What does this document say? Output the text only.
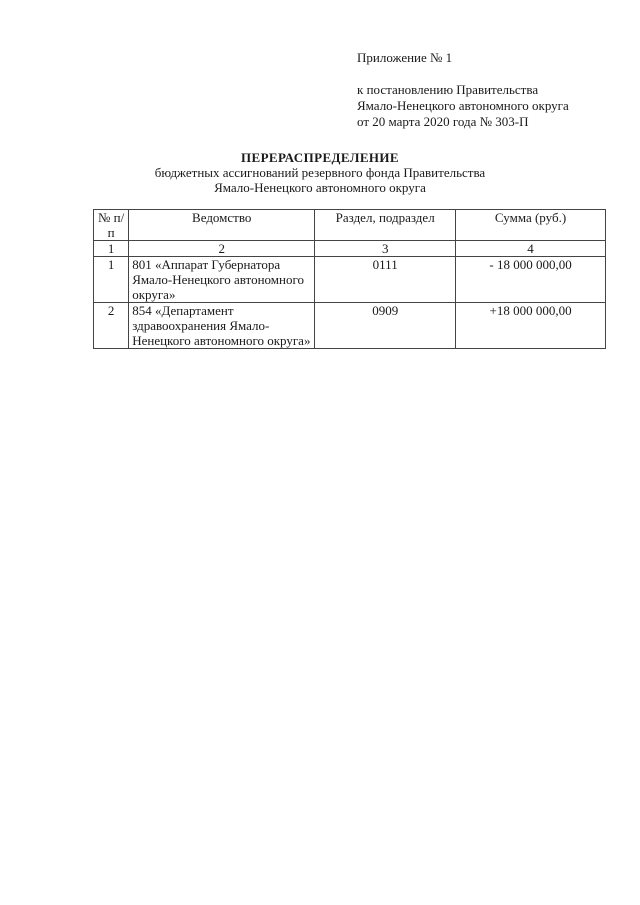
Приложение № 1
к постановлению Правительства
Ямало-Ненецкого автономного округа
от 20 марта 2020 года № 303-П
ПЕРЕРАСПРЕДЕЛЕНИЕ
бюджетных ассигнований резервного фонда Правительства
Ямало-Ненецкого автономного округа
№ п/п	Ведомство	Раздел, подраздел	Сумма (руб.)
1	2	3	4
1	801 «Аппарат Губернатора Ямало-Ненецкого автономного округа»	0111	- 18 000 000,00
2	854 «Департамент здравоохранения Ямало-Ненецкого автономного округа»	0909	+18 000 000,00
